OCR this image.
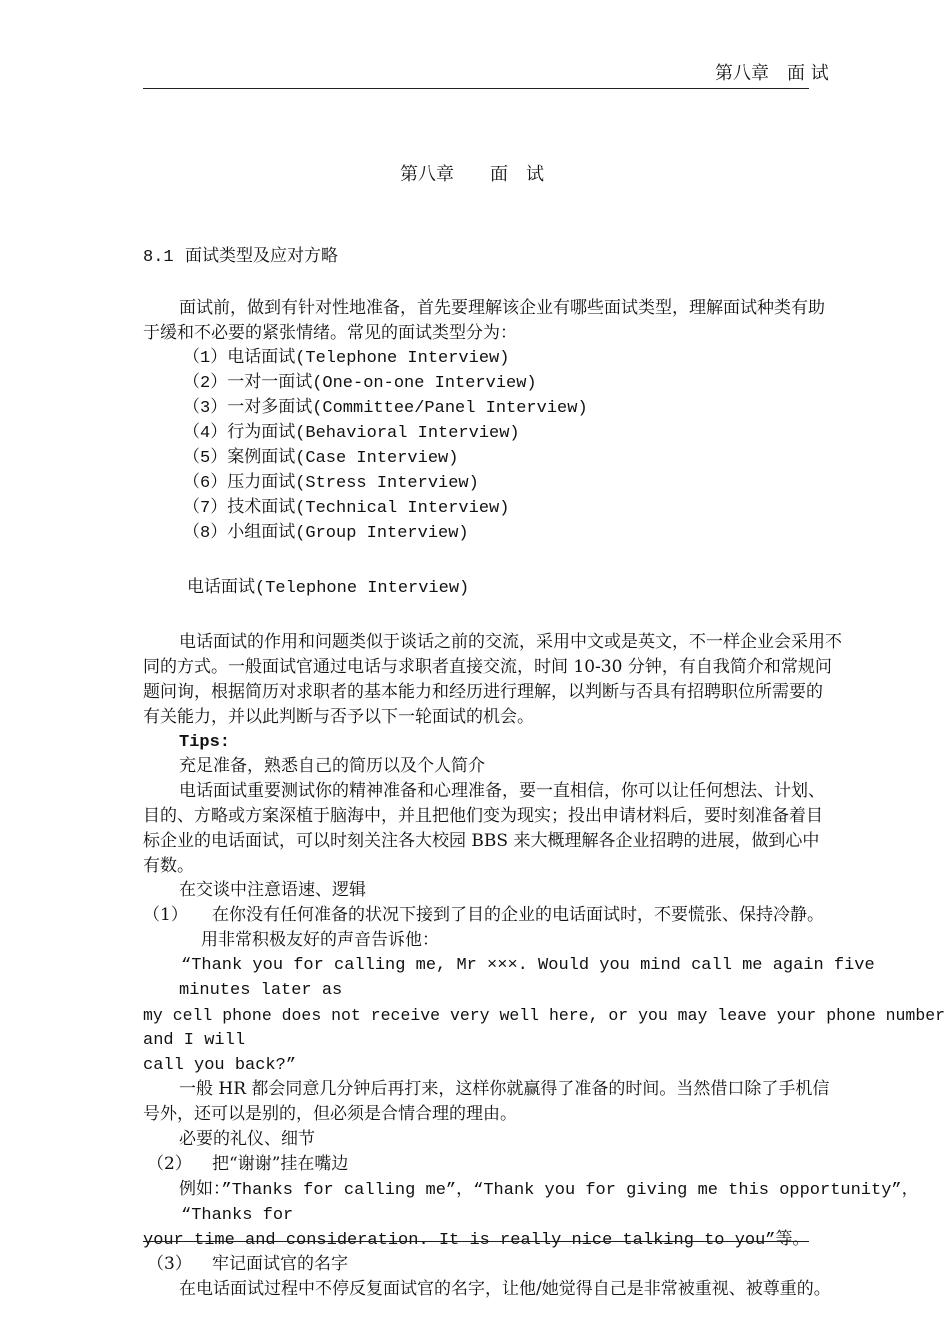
第八章　面 试
第八章　　面　试
8.1 面试类型及应对方略
面试前，做到有针对性地准备，首先要理解该企业有哪些面试类型，理解面试种类有助
于缓和不必要的紧张情绪。常见的面试类型分为：
（1）电话面试(Telephone Interview)
（2）一对一面试(One-on-one Interview)
（3）一对多面试(Committee/Panel Interview)
（4）行为面试(Behavioral Interview)
（5）案例面试(Case Interview)
（6）压力面试(Stress Interview)
（7）技术面试(Technical Interview)
（8）小组面试(Group Interview)
电话面试(Telephone Interview)
电话面试的作用和问题类似于谈话之前的交流，采用中文或是英文，不一样企业会采用不
同的方式。一般面试官通过电话与求职者直接交流，时间 10-30 分钟，有自我简介和常规问
题问询，根据简历对求职者的基本能力和经历进行理解，以判断与否具有招聘职位所需要的
有关能力，并以此判断与否予以下一轮面试的机会。
Tips:
充足准备，熟悉自己的简历以及个人简介
电话面试重要测试你的精神准备和心理准备，要一直相信，你可以让任何想法、计划、
目的、方略或方案深植于脑海中，并且把他们变为现实；投出申请材料后，要时刻准备着目
标企业的电话面试，可以时刻关注各大校园 BBS 来大概理解各企业招聘的进展，做到心中
有数。
在交谈中注意语速、逻辑
（1） 在你没有任何准备的状况下接到了目的企业的电话面试时，不要慌张、保持冷静。
用非常积极友好的声音告诉他：
“Thank you for calling me, Mr ×××. Would you mind call me again five
minutes later as
my cell phone does not receive very well here, or you may leave your phone number
and I will
call you back?”
一般 HR 都会同意几分钟后再打来，这样你就赢得了准备的时间。当然借口除了手机信
号外，还可以是别的，但必须是合情合理的理由。
必要的礼仪、细节
（2） 把“谢谢”挂在嘴边
例如：”Thanks for calling me”，“Thank you for giving me this opportunity”，
“Thanks for
your time and consideration. It is really nice talking to you”等。
（3） 牢记面试官的名字
在电话面试过程中不停反复面试官的名字，让他/她觉得自己是非常被重视、被尊重的。
